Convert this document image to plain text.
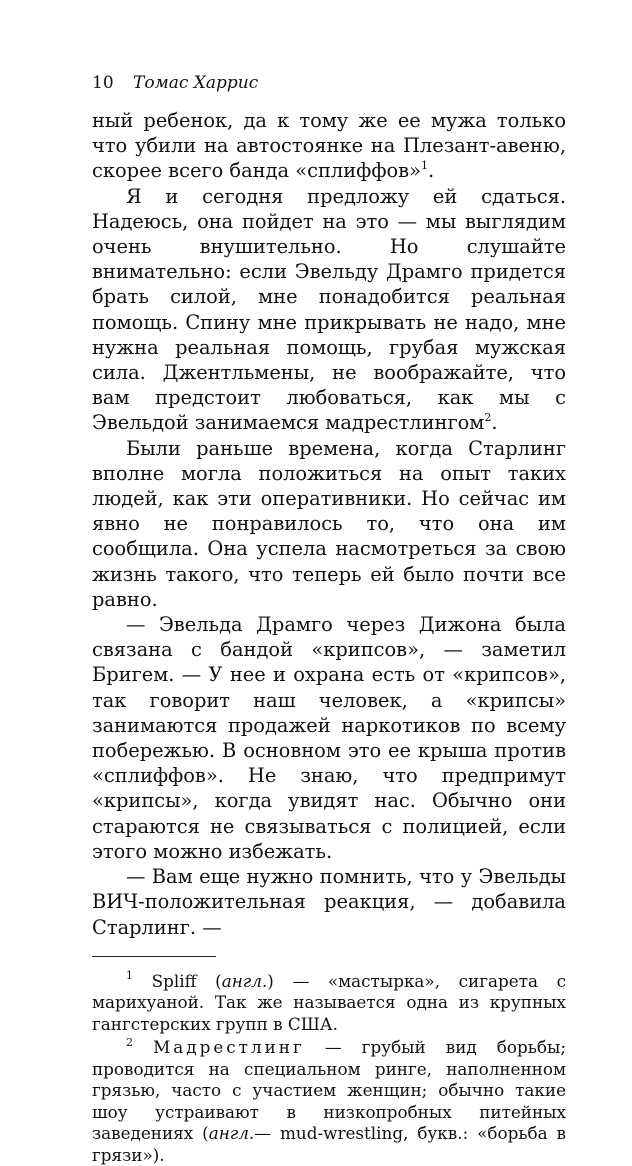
10 Томас Харрис

ный ребенок, да к тому же ее мужа только что убили на автостоянке на Плезант-авеню, скорее всего банда «сплиффов»$^1$.

Я и сегодня предложу ей сдаться. Надеюсь, она пойдет на это — мы выглядим очень внушительно. Но слушайте внимательно: если Эвельду Драмго придется брать силой, мне понадобится реальная помощь. Спину мне прикрывать не надо, мне нужна реальная помощь, грубая мужская сила. Джентльмены, не воображайте, что вам предстоит любоваться, как мы с Эвельдой занимаемся мадрестлингом$^2$.

Были раньше времена, когда Старлинг вполне могла положиться на опыт таких людей, как эти оперативники. Но сейчас им явно не понравилось то, что она им сообщила. Она успела насмотреться за свою жизнь такого, что теперь ей было почти все равно.

— Эвельда Драмго через Дижона была связана с бандой «крипсов», — заметил Бригем. — У нее и охрана есть от «крипсов», так говорит наш человек, а «крипсы» занимаются продажей наркотиков по всему побережью. В основном это ее крыша против «сплиффов». Не знаю, что предпримут «крипсы», когда увидят нас. Обычно они стараются не связываться с полицией, если этого можно избежать.

— Вам еще нужно помнить, что у Эвельды ВИЧ-положительная реакция, — добавила Старлинг. —

$^1$ Spliff (англ.) — «мастырка», сигарета с марихуаной. Так же называется одна из крупных гангстерских групп в США.

$^2$ Мадрестлинг — грубый вид борьбы; проводится на специальном ринге, наполненном грязью, часто с участием женщин; обычно такие шоу устраивают в низкопробных питейных заведениях (англ.— mud-wrestling, букв.: «борьба в грязи»).
